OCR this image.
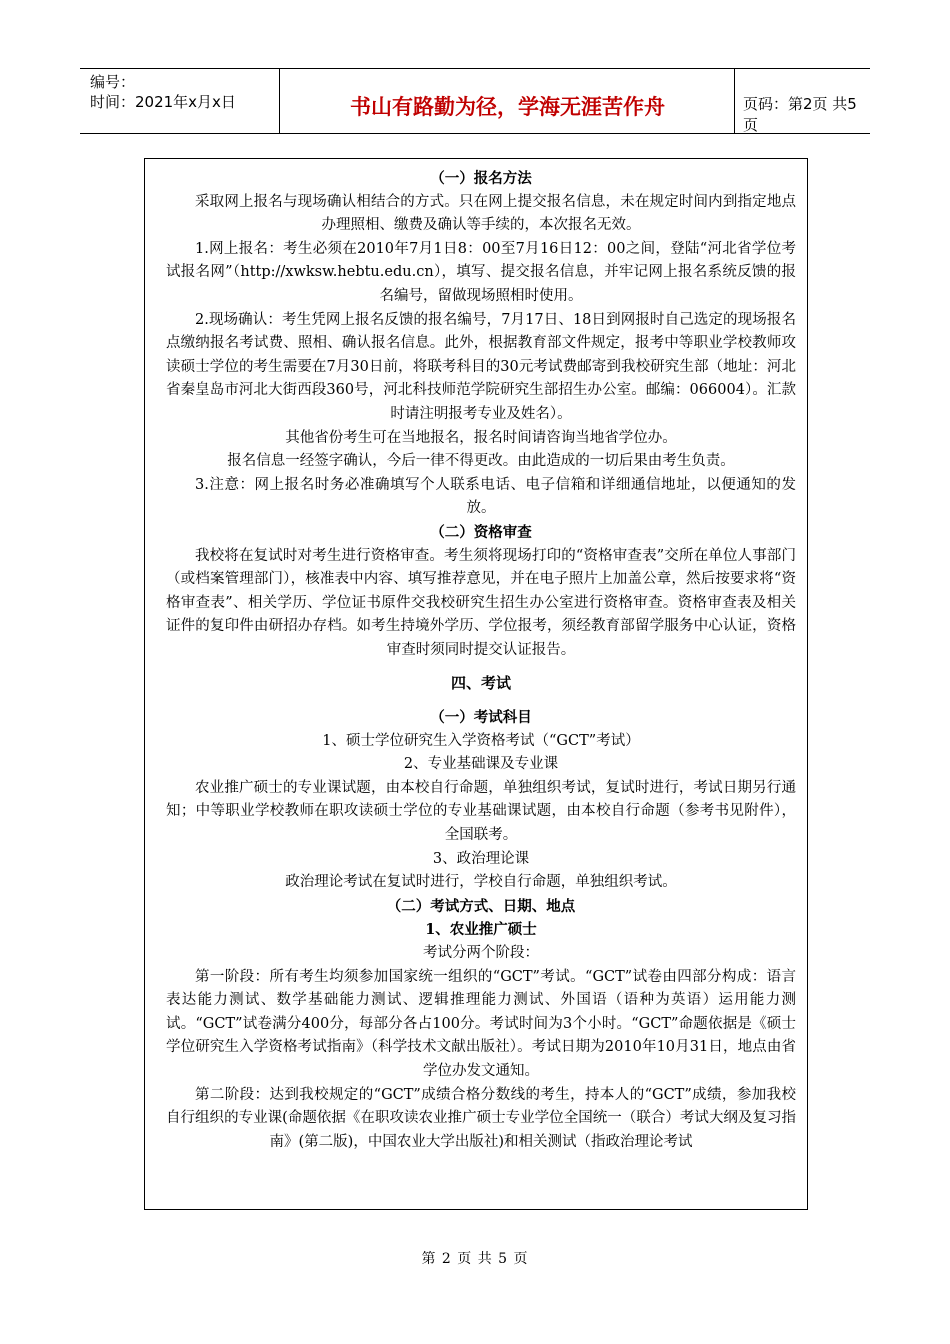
编号：
时间：2021年x月x日	书山有路勤为径，学海无涯苦作舟	页码：第2页 共5页

（一）报名方法

采取网上报名与现场确认相结合的方式。只在网上提交报名信息，未在规定时间内到指定地点办理照相、缴费及确认等手续的，本次报名无效。

1.网上报名：考生必须在2010年7月1日8：00至7月16日12：00之间，登陆“河北省学位考试报名网”（http://xwksw.hebtu.edu.cn），填写、提交报名信息，并牢记网上报名系统反馈的报名编号，留做现场照相时使用。

2.现场确认：考生凭网上报名反馈的报名编号，7月17日、18日到网报时自己选定的现场报名点缴纳报名考试费、照相、确认报名信息。此外，根据教育部文件规定，报考中等职业学校教师攻读硕士学位的考生需要在7月30日前，将联考科目的30元考试费邮寄到我校研究生部（地址：河北省秦皇岛市河北大街西段360号，河北科技师范学院研究生部招生办公室。邮编：066004）。汇款时请注明报考专业及姓名）。

其他省份考生可在当地报名，报名时间请咨询当地省学位办。

报名信息一经签字确认，今后一律不得更改。由此造成的一切后果由考生负责。

3.注意：网上报名时务必准确填写个人联系电话、电子信箱和详细通信地址，以便通知的发放。

（二）资格审查

我校将在复试时对考生进行资格审查。考生须将现场打印的“资格审查表”交所在单位人事部门（或档案管理部门），核准表中内容、填写推荐意见，并在电子照片上加盖公章，然后按要求将“资格审查表”、相关学历、学位证书原件交我校研究生招生办公室进行资格审查。资格审查表及相关证件的复印件由研招办存档。如考生持境外学历、学位报考，须经教育部留学服务中心认证，资格审查时须同时提交认证报告。

四、考试

（一）考试科目

1、硕士学位研究生入学资格考试（“GCT”考试）

2、专业基础课及专业课

农业推广硕士的专业课试题，由本校自行命题，单独组织考试，复试时进行，考试日期另行通知；中等职业学校教师在职攻读硕士学位的专业基础课试题，由本校自行命题（参考书见附件），全国联考。

3、政治理论课

政治理论考试在复试时进行，学校自行命题，单独组织考试。

（二）考试方式、日期、地点

1、农业推广硕士

考试分两个阶段：

第一阶段：所有考生均须参加国家统一组织的“GCT”考试。“GCT”试卷由四部分构成：语言表达能力测试、数学基础能力测试、逻辑推理能力测试、外国语（语种为英语）运用能力测试。“GCT”试卷满分400分，每部分各占100分。考试时间为3个小时。“GCT”命题依据是《硕士学位研究生入学资格考试指南》（科学技术文献出版社）。考试日期为2010年10月31日，地点由省学位办发文通知。

第二阶段：达到我校规定的“GCT”成绩合格分数线的考生，持本人的“GCT”成绩，参加我校自行组织的专业课(命题依据《在职攻读农业推广硕士专业学位全国统一（联合）考试大纲及复习指南》(第二版)，中国农业大学出版社)和相关测试（指政治理论考试

第 2 页 共 5 页
